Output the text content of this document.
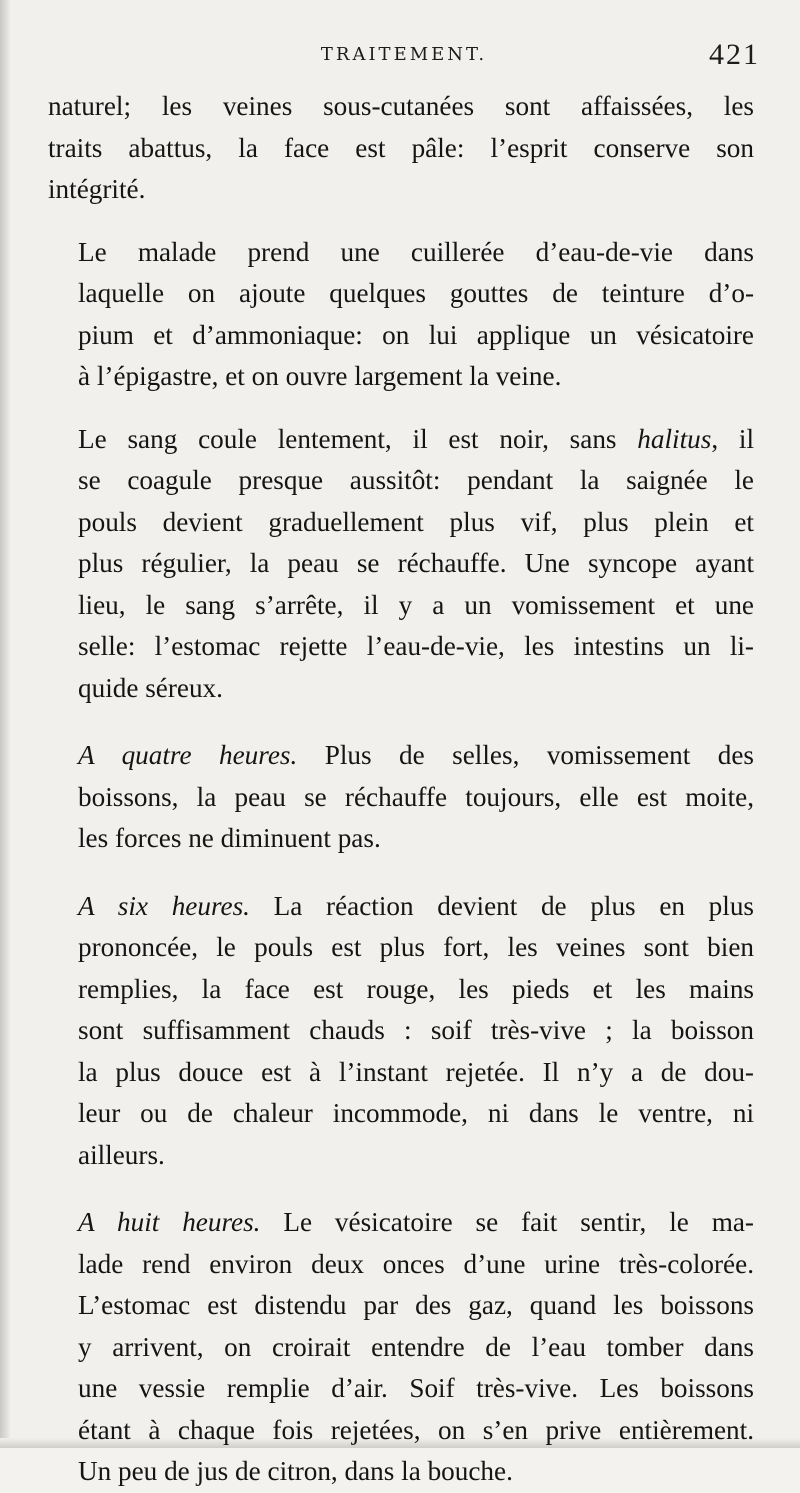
TRAITEMENT.	421

naturel; les veines sous-cutanées sont affaissées, les
traits abattus, la face est pâle: l’esprit conserve son
intégrité.

Le malade prend une cuillerée d’eau-de-vie dans
laquelle on ajoute quelques gouttes de teinture d’o-
pium et d’ammoniaque: on lui applique un vésicatoire
à l’épigastre, et on ouvre largement la veine.

Le sang coule lentement, il est noir, sans halitus, il
se coagule presque aussitôt: pendant la saignée le
pouls devient graduellement plus vif, plus plein et
plus régulier, la peau se réchauffe. Une syncope ayant
lieu, le sang s’arrête, il y a un vomissement et une
selle: l’estomac rejette l’eau-de-vie, les intestins un li-
quide séreux.

A quatre heures. Plus de selles, vomissement des
boissons, la peau se réchauffe toujours, elle est moite,
les forces ne diminuent pas.

A six heures. La réaction devient de plus en plus
prononcée, le pouls est plus fort, les veines sont bien
remplies, la face est rouge, les pieds et les mains
sont suffisamment chauds : soif très-vive ; la boisson
la plus douce est à l’instant rejetée. Il n’y a de dou-
leur ou de chaleur incommode, ni dans le ventre, ni
ailleurs.

A huit heures. Le vésicatoire se fait sentir, le ma-
lade rend environ deux onces d’une urine très-colorée.
L’estomac est distendu par des gaz, quand les boissons
y arrivent, on croirait entendre de l’eau tomber dans
une vessie remplie d’air. Soif très-vive. Les boissons
étant à chaque fois rejetées, on s’en prive entièrement.
Un peu de jus de citron, dans la bouche.
